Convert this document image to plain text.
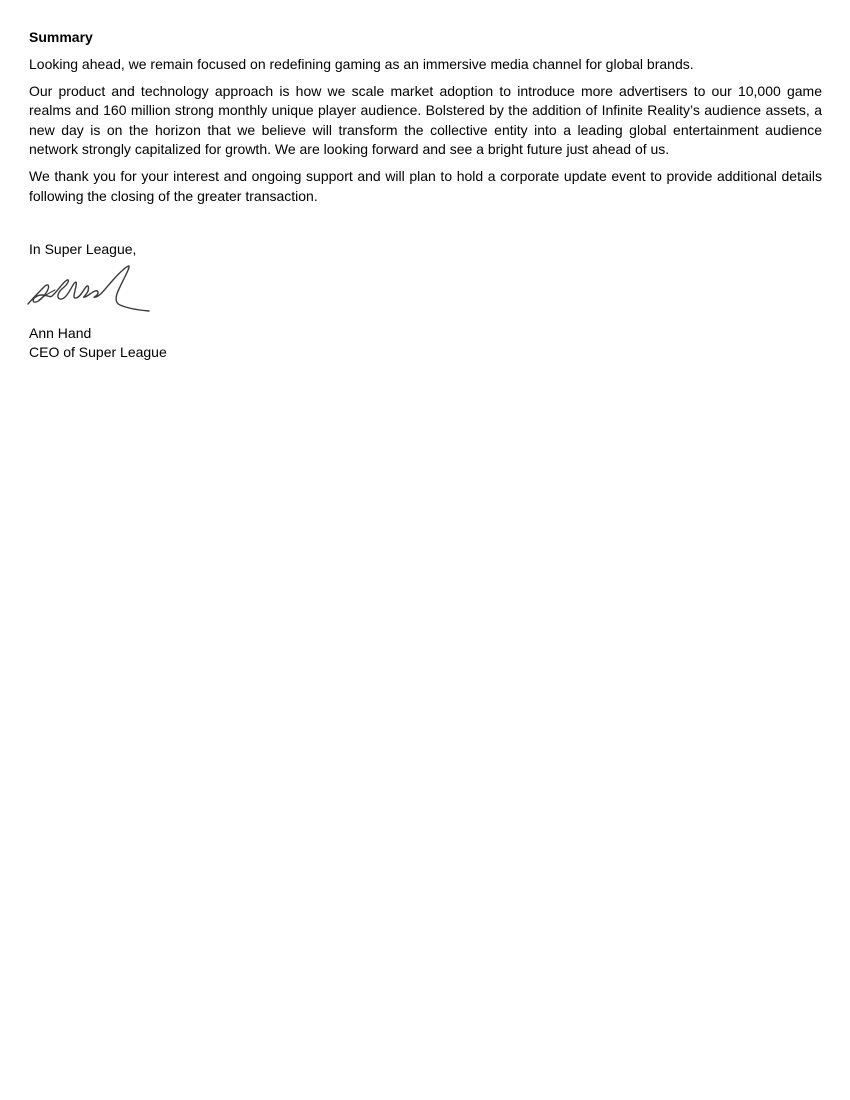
Summary

Looking ahead, we remain focused on redefining gaming as an immersive media channel for global brands.

Our product and technology approach is how we scale market adoption to introduce more advertisers to our 10,000 game realms and 160 million strong monthly unique player audience. Bolstered by the addition of Infinite Reality’s audience assets, a new day is on the horizon that we believe will transform the collective entity into a leading global entertainment audience network strongly capitalized for growth. We are looking forward and see a bright future just ahead of us.

We thank you for your interest and ongoing support and will plan to hold a corporate update event to provide additional details following the closing of the greater transaction.

In Super League,
Ann Hand
CEO of Super League
